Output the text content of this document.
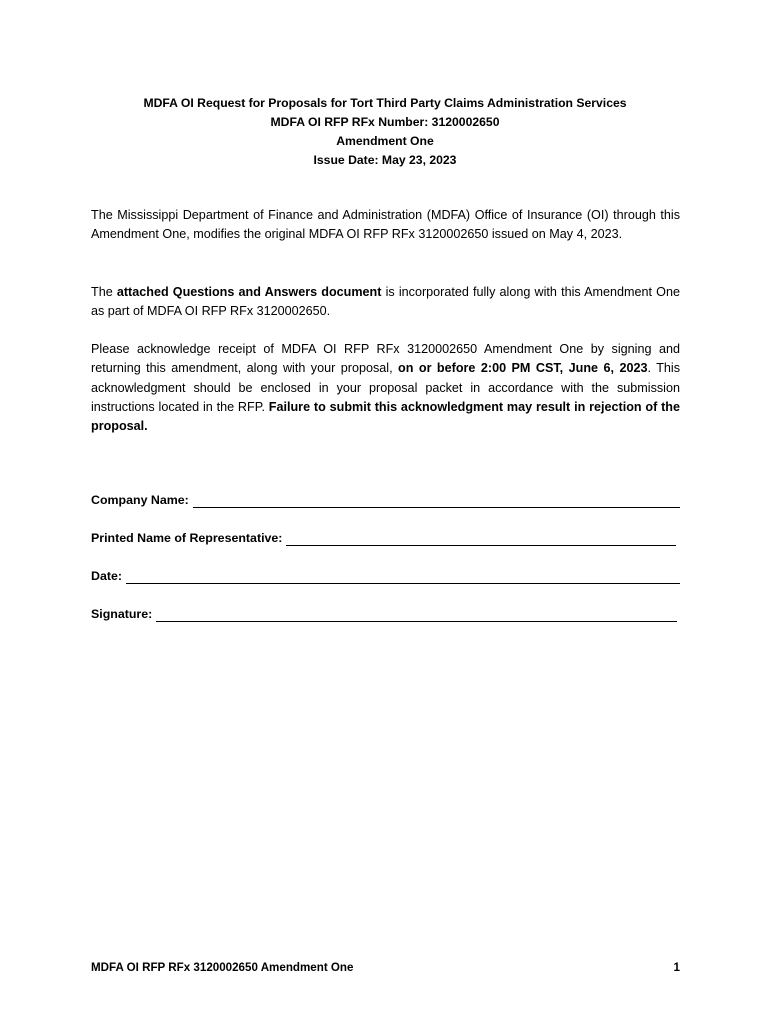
MDFA OI Request for Proposals for Tort Third Party Claims Administration Services
MDFA OI RFP RFx Number: 3120002650
Amendment One
Issue Date: May 23, 2023
The Mississippi Department of Finance and Administration (MDFA) Office of Insurance (OI) through this Amendment One, modifies the original MDFA OI RFP RFx 3120002650 issued on May 4, 2023.
The attached Questions and Answers document is incorporated fully along with this Amendment One as part of MDFA OI RFP RFx 3120002650.
Please acknowledge receipt of MDFA OI RFP RFx 3120002650 Amendment One by signing and returning this amendment, along with your proposal, on or before 2:00 PM CST, June 6, 2023. This acknowledgment should be enclosed in your proposal packet in accordance with the submission instructions located in the RFP. Failure to submit this acknowledgment may result in rejection of the proposal.
Company Name:
Printed Name of Representative:
Date:
Signature:
MDFA OI RFP RFx 3120002650 Amendment One	1
